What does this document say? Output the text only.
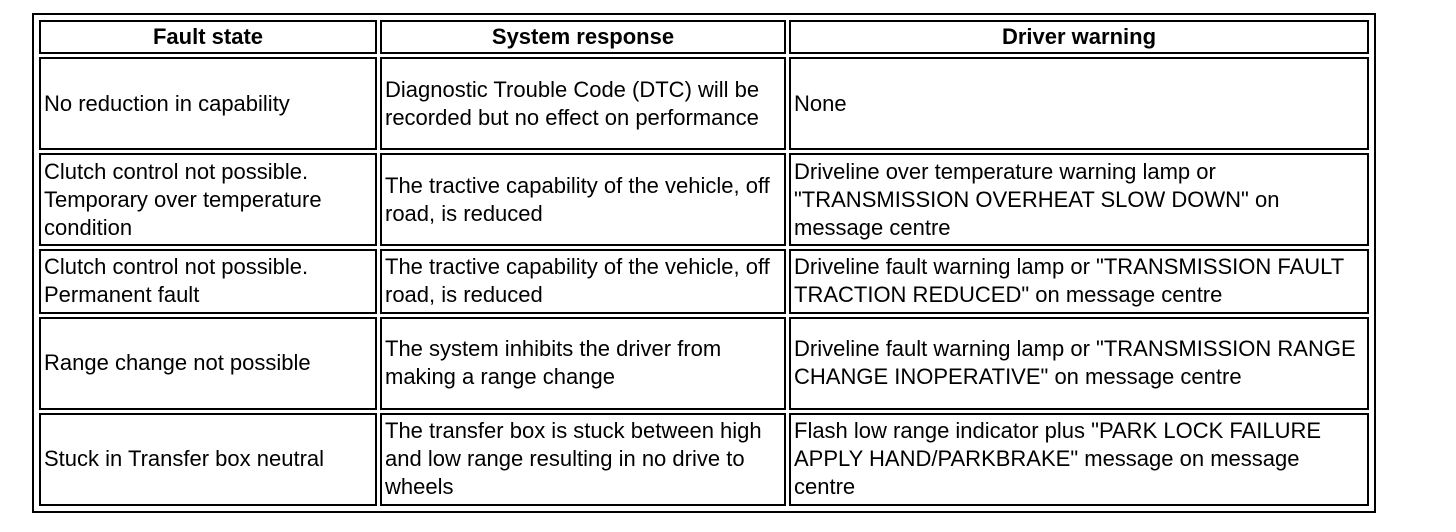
Fault state	System response	Driver warning
No reduction in capability	Diagnostic Trouble Code (DTC) will be recorded but no effect on performance	None
Clutch control not possible. Temporary over temperature condition	The tractive capability of the vehicle, off road, is reduced	Driveline over temperature warning lamp or "TRANSMISSION OVERHEAT SLOW DOWN" on message centre
Clutch control not possible. Permanent fault	The tractive capability of the vehicle, off road, is reduced	Driveline fault warning lamp or "TRANSMISSION FAULT TRACTION REDUCED" on message centre
Range change not possible	The system inhibits the driver from making a range change	Driveline fault warning lamp or "TRANSMISSION RANGE CHANGE INOPERATIVE" on message centre
Stuck in Transfer box neutral	The transfer box is stuck between high and low range resulting in no drive to wheels	Flash low range indicator plus "PARK LOCK FAILURE APPLY HAND/PARKBRAKE" message on message centre
